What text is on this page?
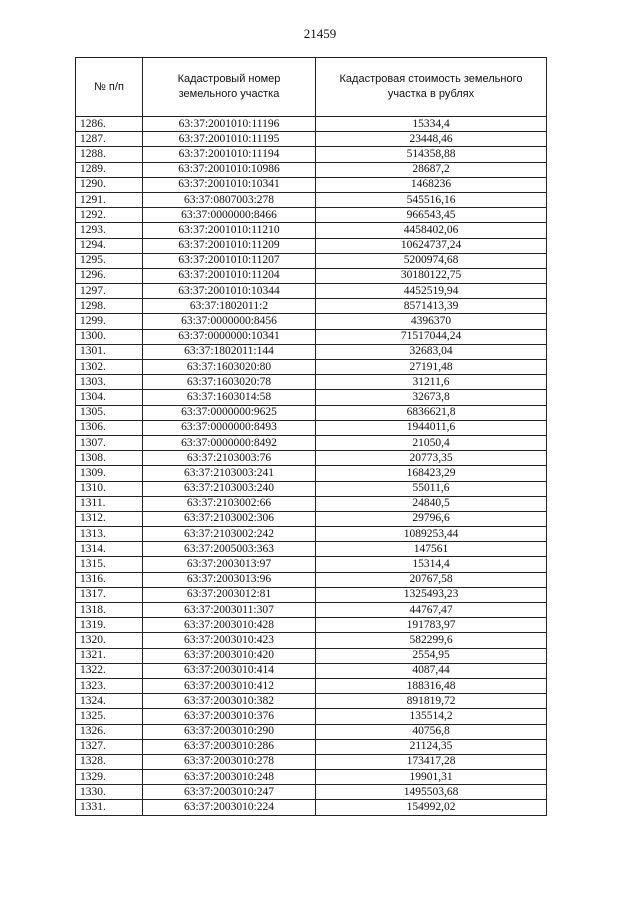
21459
№ п/п	Кадастровый номер земельного участка	Кадастровая стоимость земельного участка в рублях
1286.	63:37:2001010:11196	15334,4
1287.	63:37:2001010:11195	23448,46
1288.	63:37:2001010:11194	514358,88
1289.	63:37:2001010:10986	28687,2
1290.	63:37:2001010:10341	1468236
1291.	63:37:0807003:278	545516,16
1292.	63:37:0000000:8466	966543,45
1293.	63:37:2001010:11210	4458402,06
1294.	63:37:2001010:11209	10624737,24
1295.	63:37:2001010:11207	5200974,68
1296.	63:37:2001010:11204	30180122,75
1297.	63:37:2001010:10344	4452519,94
1298.	63:37:1802011:2	8571413,39
1299.	63:37:0000000:8456	4396370
1300.	63:37:0000000:10341	71517044,24
1301.	63:37:1802011:144	32683,04
1302.	63:37:1603020:80	27191,48
1303.	63:37:1603020:78	31211,6
1304.	63:37:1603014:58	32673,8
1305.	63:37:0000000:9625	6836621,8
1306.	63:37:0000000:8493	1944011,6
1307.	63:37:0000000:8492	21050,4
1308.	63:37:2103003:76	20773,35
1309.	63:37:2103003:241	168423,29
1310.	63:37:2103003:240	55011,6
1311.	63:37:2103002:66	24840,5
1312.	63:37:2103002:306	29796,6
1313.	63:37:2103002:242	1089253,44
1314.	63:37:2005003:363	147561
1315.	63:37:2003013:97	15314,4
1316.	63:37:2003013:96	20767,58
1317.	63:37:2003012:81	1325493,23
1318.	63:37:2003011:307	44767,47
1319.	63:37:2003010:428	191783,97
1320.	63:37:2003010:423	582299,6
1321.	63:37:2003010:420	2554,95
1322.	63:37:2003010:414	4087,44
1323.	63:37:2003010:412	188316,48
1324.	63:37:2003010:382	891819,72
1325.	63:37:2003010:376	135514,2
1326.	63:37:2003010:290	40756,8
1327.	63:37:2003010:286	21124,35
1328.	63:37:2003010:278	173417,28
1329.	63:37:2003010:248	19901,31
1330.	63:37:2003010:247	1495503,68
1331.	63:37:2003010:224	154992,02
